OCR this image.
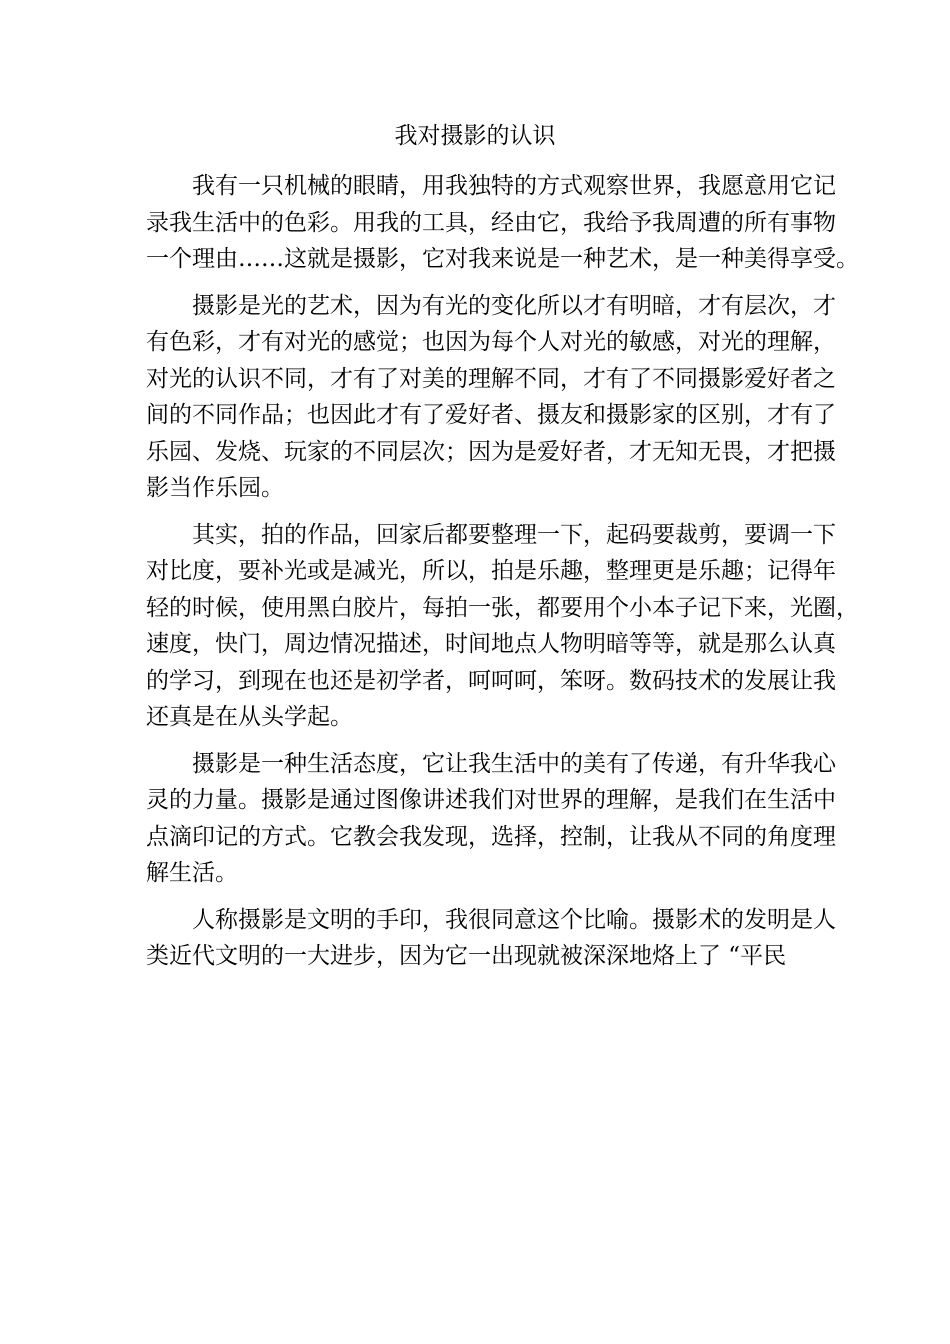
我对摄影的认识
我有一只机械的眼睛，用我独特的方式观察世界，我愿意用它记
录我生活中的色彩。用我的工具，经由它，我给予我周遭的所有事物
一个理由……这就是摄影，它对我来说是一种艺术，是一种美得享受。
摄影是光的艺术，因为有光的变化所以才有明暗，才有层次，才
有色彩，才有对光的感觉；也因为每个人对光的敏感，对光的理解，
对光的认识不同，才有了对美的理解不同，才有了不同摄影爱好者之
间的不同作品；也因此才有了爱好者、摄友和摄影家的区别，才有了
乐园、发烧、玩家的不同层次；因为是爱好者，才无知无畏，才把摄
影当作乐园。
其实，拍的作品，回家后都要整理一下，起码要裁剪，要调一下
对比度，要补光或是减光，所以，拍是乐趣，整理更是乐趣；记得年
轻的时候，使用黑白胶片，每拍一张，都要用个小本子记下来，光圈，
速度，快门，周边情况描述，时间地点人物明暗等等，就是那么认真
的学习，到现在也还是初学者，呵呵呵，笨呀。数码技术的发展让我
还真是在从头学起。
摄影是一种生活态度，它让我生活中的美有了传递，有升华我心
灵的力量。摄影是通过图像讲述我们对世界的理解，是我们在生活中
点滴印记的方式。它教会我发现，选择，控制，让我从不同的角度理
解生活。
人称摄影是文明的手印，我很同意这个比喻。摄影术的发明是人
类近代文明的一大进步，因为它一出现就被深深地烙上了 “平民
